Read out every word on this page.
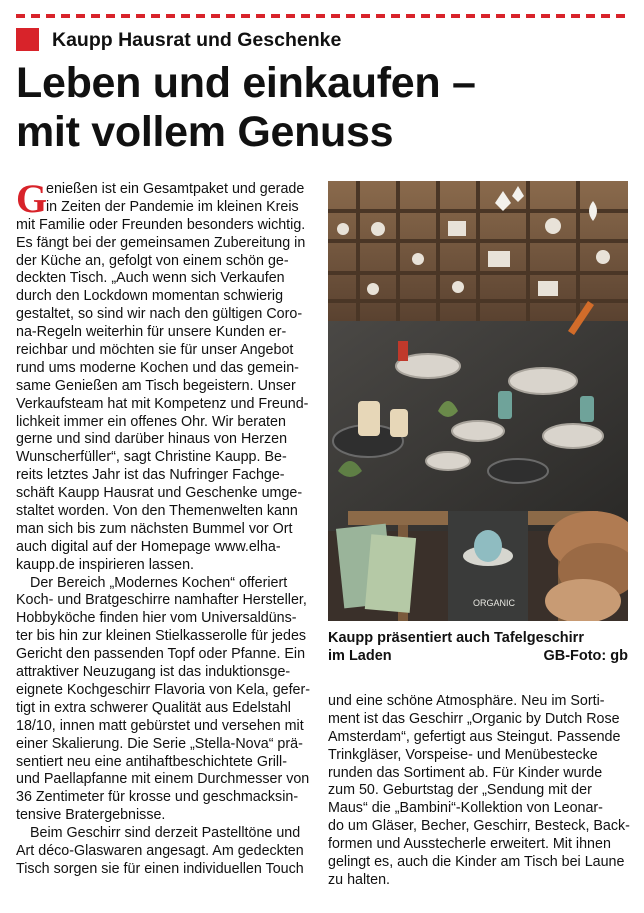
Kaupp Hausrat und Geschenke
Leben und einkaufen –
mit vollem Genuss
G
enießen ist ein Gesamtpaket und gerade
in Zeiten der Pandemie im kleinen Kreis
mit Familie oder Freunden besonders wichtig.
Es fängt bei der gemeinsamen Zubereitung in
der Küche an, gefolgt von einem schön ge-
deckten Tisch. „Auch wenn sich Verkaufen
durch den Lockdown momentan schwierig
gestaltet, so sind wir nach den gültigen Coro-
na-Regeln weiterhin für unsere Kunden er-
reichbar und möchten sie für unser Angebot
rund ums moderne Kochen und das gemein-
same Genießen am Tisch begeistern. Unser
Verkaufsteam hat mit Kompetenz und Freund-
lichkeit immer ein offenes Ohr. Wir beraten
gerne und sind darüber hinaus von Herzen
Wunscherfüller“, sagt Christine Kaupp. Be-
reits letztes Jahr ist das Nufringer Fachge-
schäft Kaupp Hausrat und Geschenke umge-
staltet worden. Von den Themenwelten kann
man sich bis zum nächsten Bummel vor Ort
auch digital auf der Homepage www.elha-
kaupp.de inspirieren lassen.
Der Bereich „Modernes Kochen“ offeriert
Koch- und Bratgeschirre namhafter Hersteller,
Hobbyköche finden hier vom Universaldüns-
ter bis hin zur kleinen Stielkasserolle für jedes
Gericht den passenden Topf oder Pfanne. Ein
attraktiver Neuzugang ist das induktionsge-
eignete Kochgeschirr Flavoria von Kela, gefer-
tigt in extra schwerer Qualität aus Edelstahl
18/10, innen matt gebürstet und versehen mit
einer Skalierung. Die Serie „Stella-Nova“ prä-
sentiert neu eine antihaftbeschichtete Grill-
und Paellapfanne mit einem Durchmesser von
36 Zentimeter für krosse und geschmacksin-
tensive Bratergebnisse.
Beim Geschirr sind derzeit Pastelltöne und
Art déco-Glaswaren angesagt. Am gedeckten
Tisch sorgen sie für einen individuellen Touch
ORGANIC
Kaupp präsentiert auch Tafelgeschirr
im Laden	GB-Foto: gb
und eine schöne Atmosphäre. Neu im Sorti-
ment ist das Geschirr „Organic by Dutch Rose
Amsterdam“, gefertigt aus Steingut. Passende
Trinkgläser, Vorspeise- und Menübestecke
runden das Sortiment ab. Für Kinder wurde
zum 50. Geburtstag der „Sendung mit der
Maus“ die „Bambini“-Kollektion von Leonar-
do um Gläser, Becher, Geschirr, Besteck, Back-
formen und Ausstecherle erweitert. Mit ihnen
gelingt es, auch die Kinder am Tisch bei Laune
zu halten.
